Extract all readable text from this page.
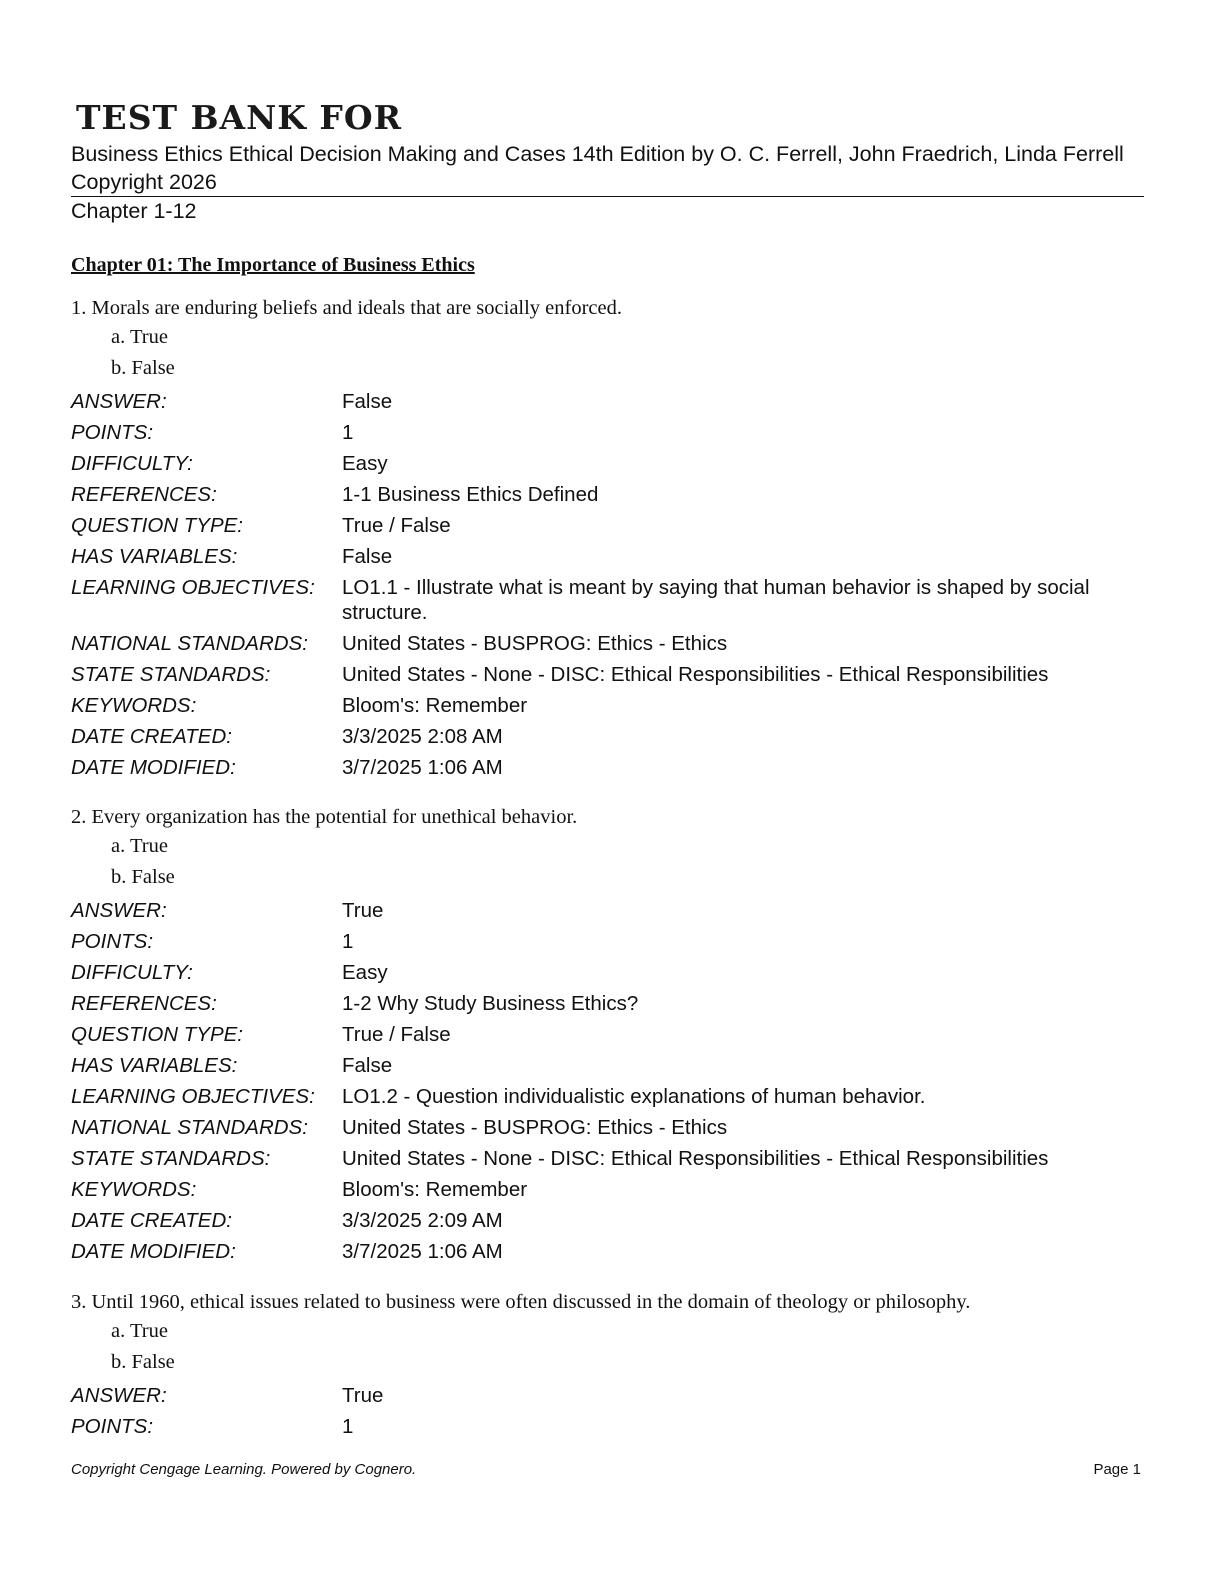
TEST BANK FOR
Business Ethics Ethical Decision Making and Cases 14th Edition by O. C. Ferrell, John Fraedrich, Linda Ferrell Copyright 2026
Chapter 1-12
Chapter 01: The Importance of Business Ethics
1. Morals are enduring beliefs and ideals that are socially enforced.
a. True
b. False
ANSWER:	False
POINTS:	1
DIFFICULTY:	Easy
REFERENCES:	1-1 Business Ethics Defined
QUESTION TYPE:	True / False
HAS VARIABLES:	False
LEARNING OBJECTIVES:	LO1.1 - Illustrate what is meant by saying that human behavior is shaped by social structure.
NATIONAL STANDARDS:	United States - BUSPROG: Ethics - Ethics
STATE STANDARDS:	United States - None - DISC: Ethical Responsibilities - Ethical Responsibilities
KEYWORDS:	Bloom's: Remember
DATE CREATED:	3/3/2025 2:08 AM
DATE MODIFIED:	3/7/2025 1:06 AM
2. Every organization has the potential for unethical behavior.
a. True
b. False
ANSWER:	True
POINTS:	1
DIFFICULTY:	Easy
REFERENCES:	1-2 Why Study Business Ethics?
QUESTION TYPE:	True / False
HAS VARIABLES:	False
LEARNING OBJECTIVES:	LO1.2 - Question individualistic explanations of human behavior.
NATIONAL STANDARDS:	United States - BUSPROG: Ethics - Ethics
STATE STANDARDS:	United States - None - DISC: Ethical Responsibilities - Ethical Responsibilities
KEYWORDS:	Bloom's: Remember
DATE CREATED:	3/3/2025 2:09 AM
DATE MODIFIED:	3/7/2025 1:06 AM
3. Until 1960, ethical issues related to business were often discussed in the domain of theology or philosophy.
a. True
b. False
ANSWER:	True
POINTS:	1
Copyright Cengage Learning. Powered by Cognero.	Page 1
